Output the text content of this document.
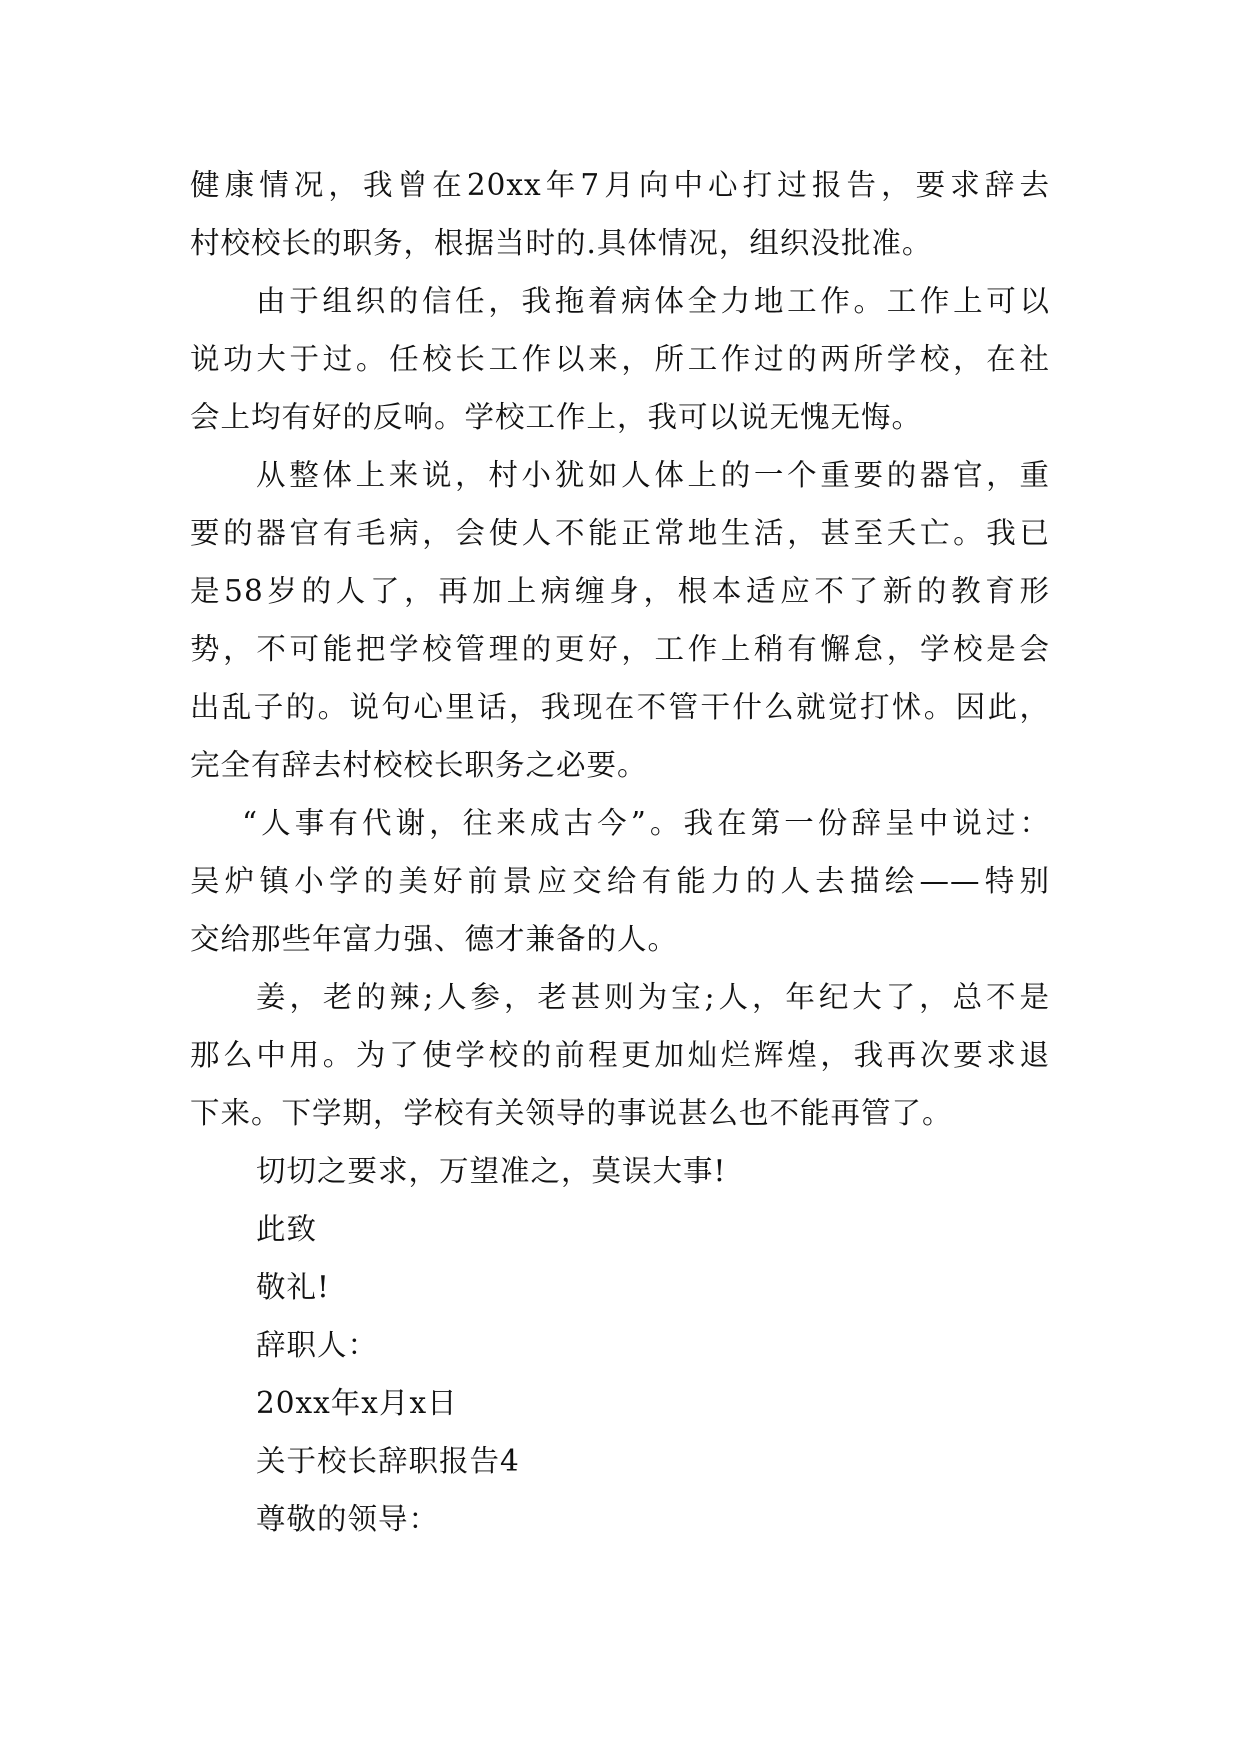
健康情况，我曾在20xx年7月向中心打过报告，要求辞去
村校校长的职务，根据当时的.具体情况，组织没批准。
由于组织的信任，我拖着病体全力地工作。工作上可以
说功大于过。任校长工作以来，所工作过的两所学校，在社
会上均有好的反响。学校工作上，我可以说无愧无悔。
从整体上来说，村小犹如人体上的一个重要的器官，重
要的器官有毛病，会使人不能正常地生活，甚至夭亡。我已
是58岁的人了，再加上病缠身，根本适应不了新的教育形
势，不可能把学校管理的更好，工作上稍有懈怠，学校是会
出乱子的。说句心里话，我现在不管干什么就觉打怵。因此，
完全有辞去村校校长职务之必要。
“人事有代谢，往来成古今”。我在第一份辞呈中说过：
吴炉镇小学的美好前景应交给有能力的人去描绘——特别
交给那些年富力强、德才兼备的人。
姜，老的辣;人参，老甚则为宝;人，年纪大了，总不是
那么中用。为了使学校的前程更加灿烂辉煌，我再次要求退
下来。下学期，学校有关领导的事说甚么也不能再管了。
切切之要求，万望准之，莫误大事!
此致
敬礼!
辞职人：
20xx年x月x日
关于校长辞职报告4
尊敬的领导：
